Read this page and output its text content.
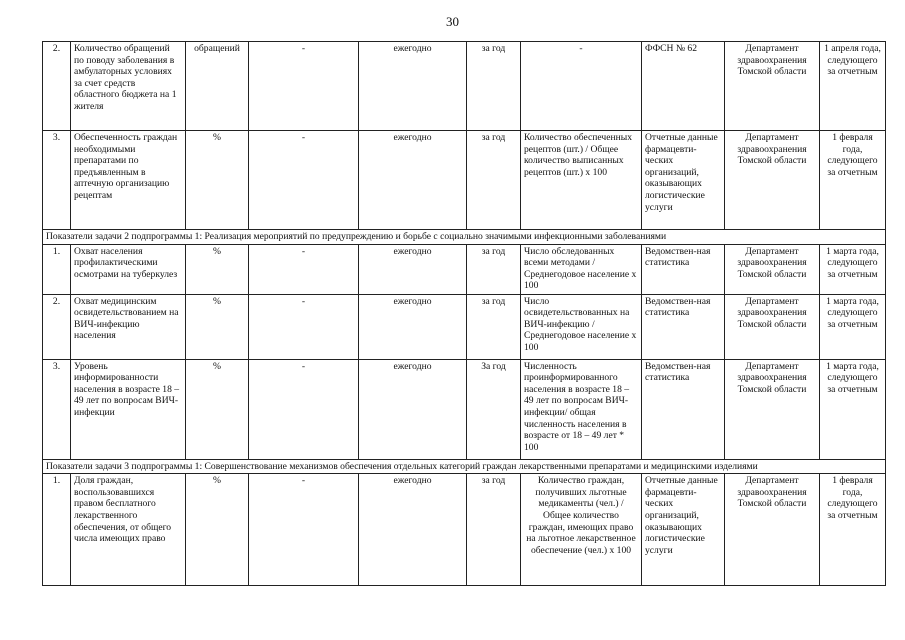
30
2.	Количество обращений по поводу заболевания в амбулаторных условиях за счет средств областного бюджета на 1 жителя	обращений	-	ежегодно	за год	-	ФФСН № 62	Департамент здравоохранения Томской области	1 апреля года, следующего за отчетным
3.	Обеспеченность граждан необходимыми препаратами по предъявленным в аптечную организацию рецептам	%	-	ежегодно	за год	Количество обеспеченных рецептов (шт.) / Общее количество выписанных рецептов (шт.) х 100	Отчетные данные фармацевти-ческих организаций, оказывающих логистические услуги	Департамент здравоохранения Томской области	1 февраля года, следующего за отчетным
Показатели задачи 2 подпрограммы 1: Реализация мероприятий по предупреждению и борьбе с социально значимыми инфекционными заболеваниями									
1.	Охват населения профилактическими осмотрами на туберкулез	%	-	ежегодно	за год	Число обследованных всеми методами / Среднегодовое население х 100	Ведомствен-ная статистика	Департамент здравоохранения Томской области	1 марта года, следующего за отчетным
2.	Охват медицинским освидетельствованием на ВИЧ-инфекцию населения	%	-	ежегодно	за год	Число освидетельствованных на ВИЧ-инфекцию / Среднегодовое население х 100	Ведомствен-ная статистика	Департамент здравоохранения Томской области	1 марта года, следующего за отчетным
3.	Уровень информированности населения в возрасте 18 – 49 лет по вопросам ВИЧ-инфекции	%	-	ежегодно	За год	Численность проинформированного населения в возрасте 18 – 49 лет по вопросам ВИЧ-инфекции/ общая численность населения в возрасте от 18 – 49 лет * 100	Ведомствен-ная статистика	Департамент здравоохранения Томской области	1 марта года, следующего за отчетным
Показатели задачи 3 подпрограммы 1: Совершенствование механизмов обеспечения отдельных категорий граждан лекарственными препаратами и медицинскими изделиями									
1.	Доля граждан, воспользовавшихся правом бесплатного лекарственного обеспечения, от общего числа имеющих право	%	-	ежегодно	за год	Количество граждан, получивших льготные медикаменты (чел.) / Общее количество граждан, имеющих право на льготное лекарственное обеспечение (чел.) х 100	Отчетные данные фармацевти-ческих организаций, оказывающих логистические услуги	Департамент здравоохранения Томской области	1 февраля года, следующего за отчетным
